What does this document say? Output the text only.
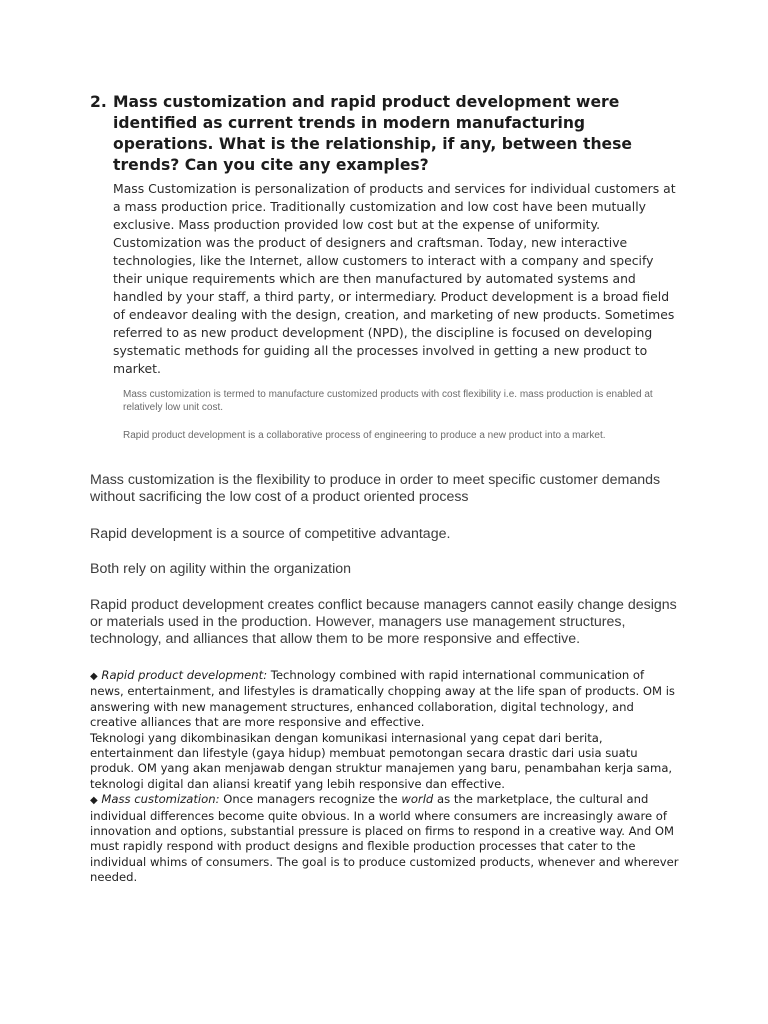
2. Mass customization and rapid product development were identified as current trends in modern manufacturing operations. What is the relationship, if any, between these trends? Can you cite any examples?

Mass Customization is personalization of products and services for individual customers at a mass production price. Traditionally customization and low cost have been mutually exclusive. Mass production provided low cost but at the expense of uniformity. Customization was the product of designers and craftsman. Today, new interactive technologies, like the Internet, allow customers to interact with a company and specify their unique requirements which are then manufactured by automated systems and handled by your staff, a third party, or intermediary. Product development is a broad field of endeavor dealing with the design, creation, and marketing of new products. Sometimes referred to as new product development (NPD), the discipline is focused on developing systematic methods for guiding all the processes involved in getting a new product to market.

Mass customization is termed to manufacture customized products with cost flexibility i.e. mass production is enabled at relatively low unit cost.

Rapid product development is a collaborative process of engineering to produce a new product into a market.

Mass customization is the flexibility to produce in order to meet specific customer demands without sacrificing the low cost of a product oriented process

Rapid development is a source of competitive advantage.

Both rely on agility within the organization

Rapid product development creates conflict because managers cannot easily change designs or materials used in the production. However, managers use management structures, technology, and alliances that allow them to be more responsive and effective.

◆ Rapid product development: Technology combined with rapid international communication of news, entertainment, and lifestyles is dramatically chopping away at the life span of products. OM is answering with new management structures, enhanced collaboration, digital technology, and creative alliances that are more responsive and effective.

Teknologi yang dikombinasikan dengan komunikasi internasional yang cepat dari berita, entertainment dan lifestyle (gaya hidup) membuat pemotongan secara drastic dari usia suatu produk. OM yang akan menjawab dengan struktur manajemen yang baru, penambahan kerja sama, teknologi digital dan aliansi kreatif yang lebih responsive dan effective.

◆ Mass customization: Once managers recognize the world as the marketplace, the cultural and individual differences become quite obvious. In a world where consumers are increasingly aware of innovation and options, substantial pressure is placed on firms to respond in a creative way. And OM must rapidly respond with product designs and flexible production processes that cater to the individual whims of consumers. The goal is to produce customized products, whenever and wherever needed.
